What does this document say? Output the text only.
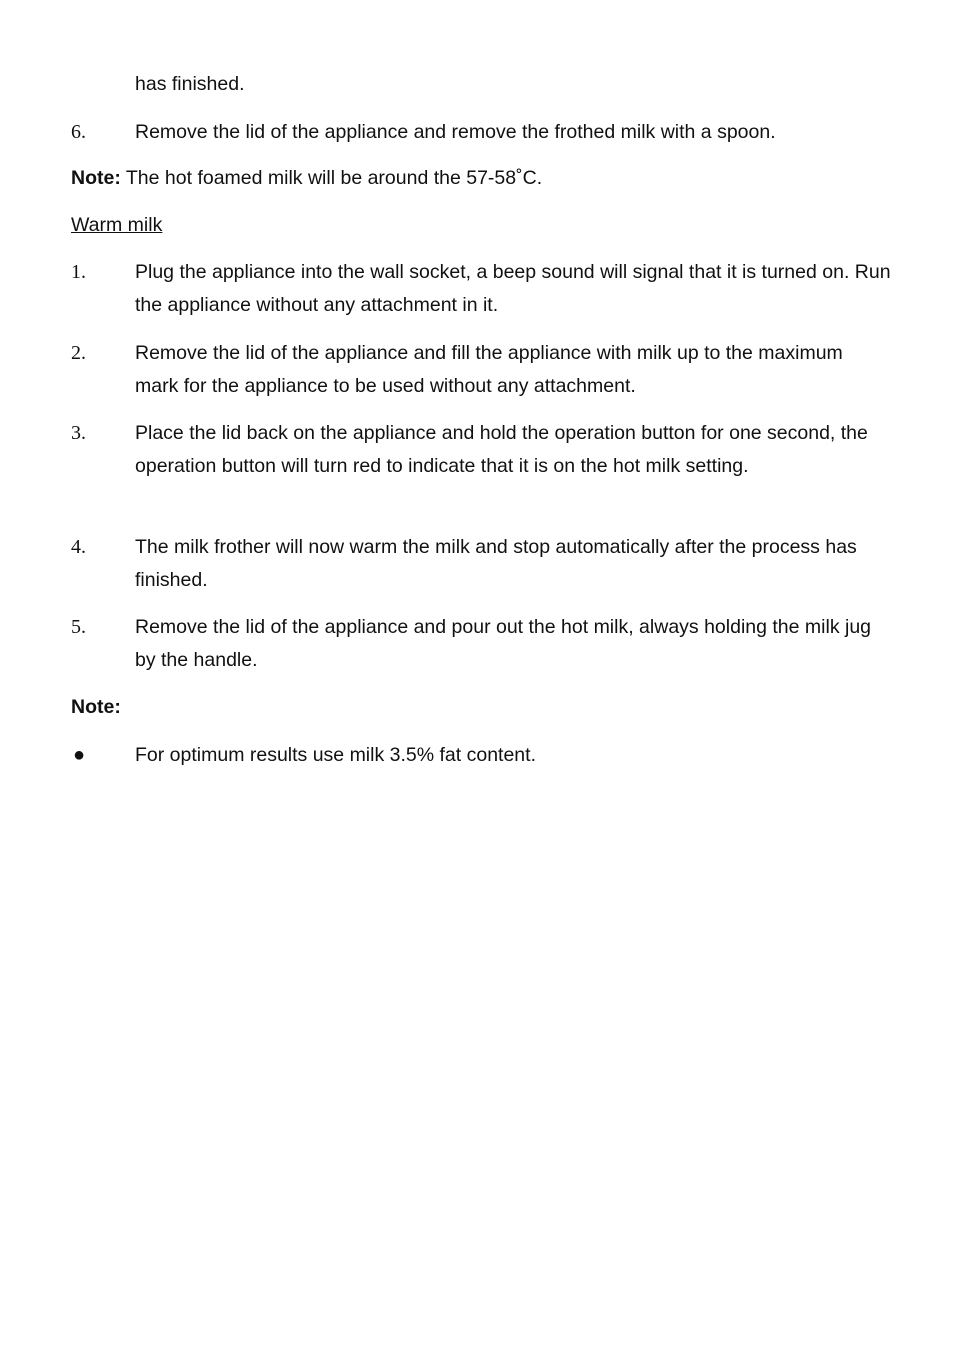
has finished.
6.	Remove the lid of the appliance and remove the frothed milk with a spoon.
Note: The hot foamed milk will be around the 57-58˚C.
Warm milk
1.	Plug the appliance into the wall socket, a beep sound will signal that it is turned on. Run the appliance without any attachment in it.
2.	Remove the lid of the appliance and fill the appliance with milk up to the maximum mark for the appliance to be used without any attachment.
3.	Place the lid back on the appliance and hold the operation button for one second, the operation button will turn red to indicate that it is on the hot milk setting.
4.	The milk frother will now warm the milk and stop automatically after the process has finished.
5.	Remove the lid of the appliance and pour out the hot milk, always holding the milk jug by the handle.
Note:
●	For optimum results use milk 3.5% fat content.
